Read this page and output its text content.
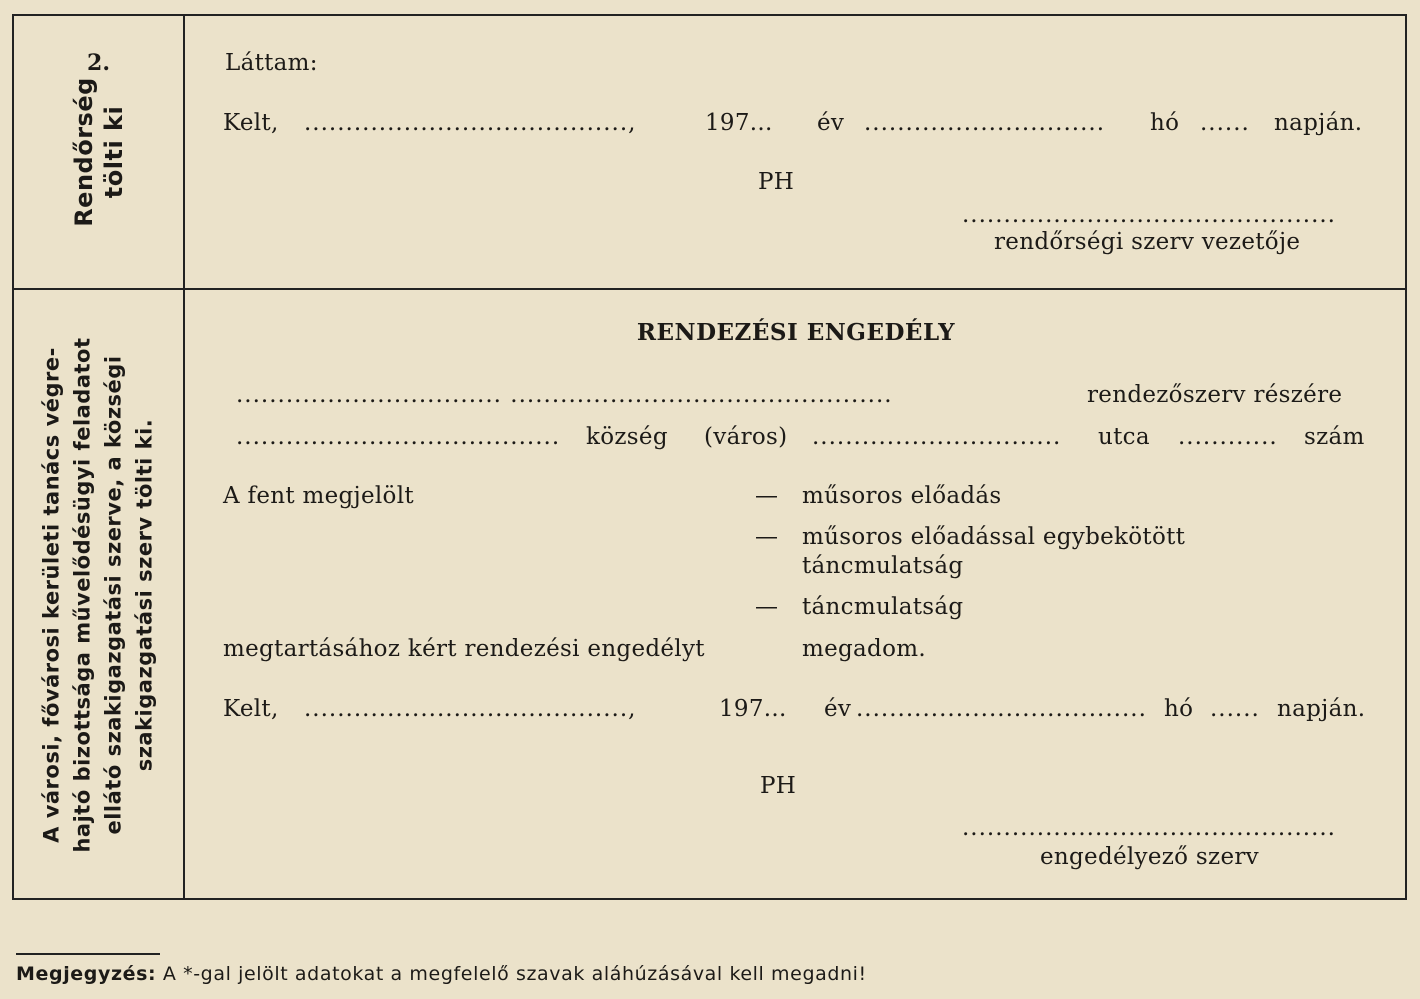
2.
Rendőrség tölti ki
A városi, fővárosi kerületi tanács végre- hajtó bizottsága művelődésügyi feladatot ellátó szakigazgatási szerve, a községi szakigazgatási szerv tölti ki.
Láttam:
Kelt, .......................................,	197... év ............................. hó ...... napján.
PH
.............................................
rendőrségi szerv vezetője
RENDEZÉSI ENGEDÉLY
................................ ..............................................	rendezőszerv részére
....................................... község (város) .............................. utca ............ szám
A fent megjelölt	— műsoros előadás
— műsoros előadással egybekötött
táncmulatság
— táncmulatság
megtartásához kért rendezési engedélyt	megadom.
Kelt, .......................................,	197... év ................................... hó ...... napján.
PH
.............................................
engedélyező szerv
Megjegyzés: A *-gal jelölt adatokat a megfelelő szavak aláhúzásával kell megadni!
